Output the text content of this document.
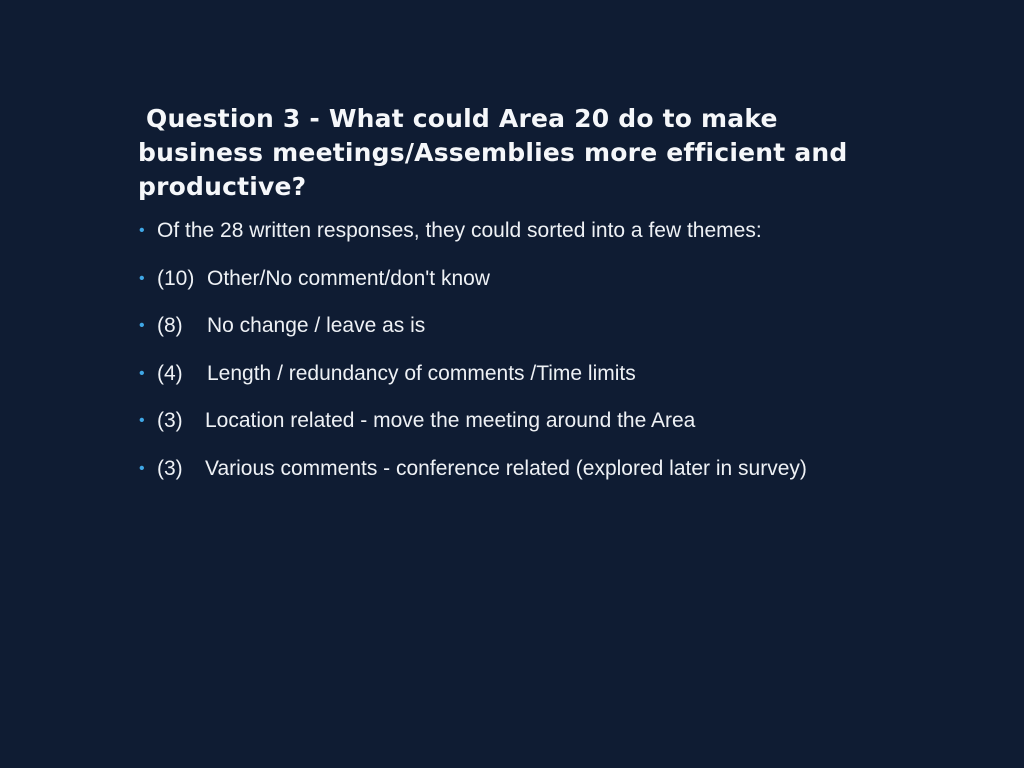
Question 3 - What could Area 20 do to make
business meetings/Assemblies more efficient and
productive?
• Of the 28 written responses, they could sorted into a few themes:
• (10) Other/No comment/don't know
• (8) No change / leave as is
• (4) Length / redundancy of comments /Time limits
• (3) Location related - move the meeting around the Area
• (3) Various comments - conference related (explored later in survey)
